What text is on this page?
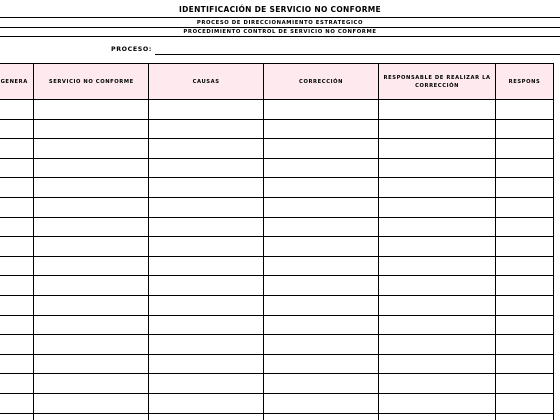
IDENTIFICACIÓN DE SERVICIO NO CONFORME
PROCESO DE DIRECCIONAMIENTO ESTRATEGICO
PROCEDIMIENTO CONTROL DE SERVICIO NO CONFORME
PROCESO:
GENERA	SERVICIO NO CONFORME	CAUSAS	CORRECCIÓN	RESPONSABLE DE REALIZAR LA CORRECCIÓN	RESPONS
